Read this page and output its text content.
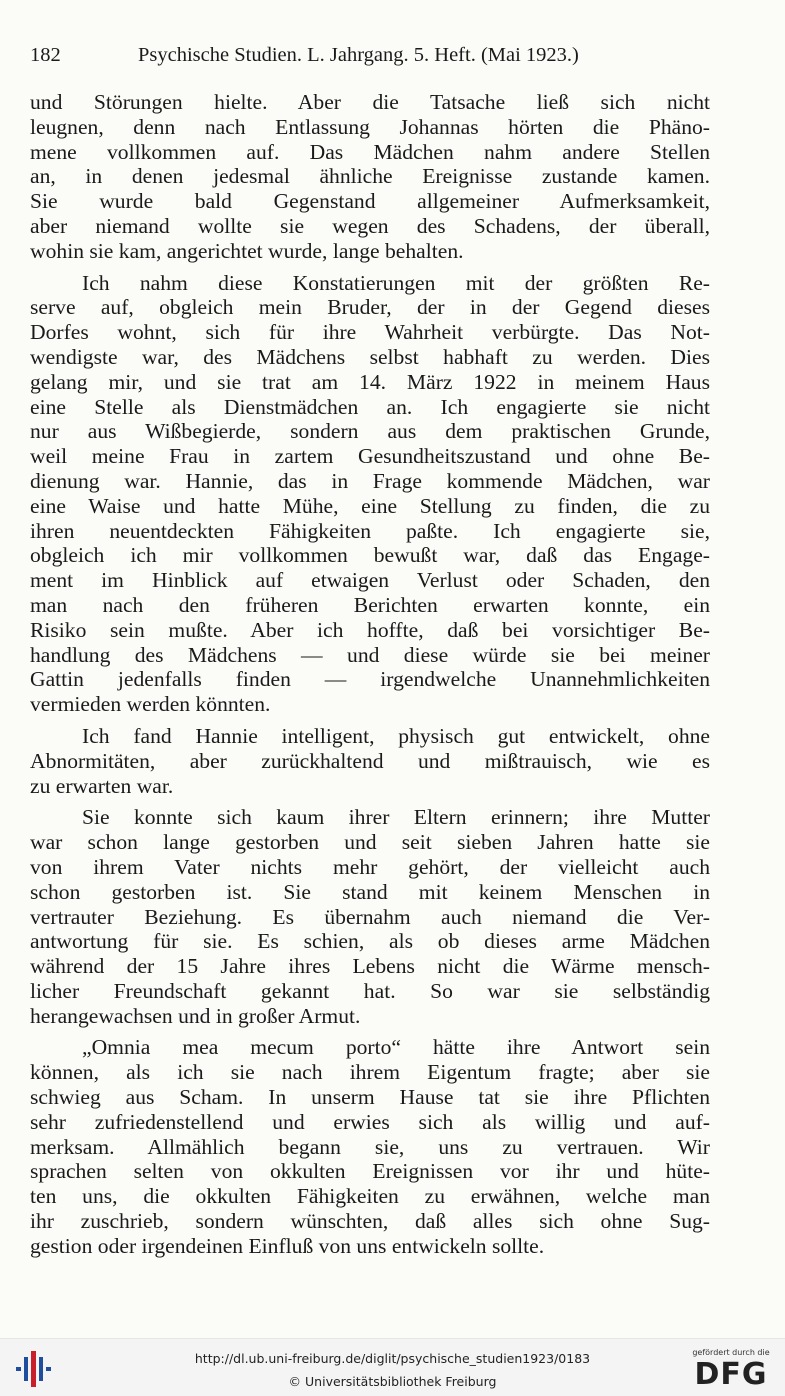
182	Psychische Studien. L. Jahrgang. 5. Heft. (Mai 1923.)
und Störungen hielte. Aber die Tatsache ließ sich nicht
leugnen, denn nach Entlassung Johannas hörten die Phäno-
mene vollkommen auf. Das Mädchen nahm andere Stellen
an, in denen jedesmal ähnliche Ereignisse zustande kamen.
Sie wurde bald Gegenstand allgemeiner Aufmerksamkeit,
aber niemand wollte sie wegen des Schadens, der überall,
wohin sie kam, angerichtet wurde, lange behalten.
Ich nahm diese Konstatierungen mit der größten Re-
serve auf, obgleich mein Bruder, der in der Gegend dieses
Dorfes wohnt, sich für ihre Wahrheit verbürgte. Das Not-
wendigste war, des Mädchens selbst habhaft zu werden. Dies
gelang mir, und sie trat am 14. März 1922 in meinem Haus
eine Stelle als Dienstmädchen an. Ich engagierte sie nicht
nur aus Wißbegierde, sondern aus dem praktischen Grunde,
weil meine Frau in zartem Gesundheitszustand und ohne Be-
dienung war. Hannie, das in Frage kommende Mädchen, war
eine Waise und hatte Mühe, eine Stellung zu finden, die zu
ihren neuentdeckten Fähigkeiten paßte. Ich engagierte sie,
obgleich ich mir vollkommen bewußt war, daß das Engage-
ment im Hinblick auf etwaigen Verlust oder Schaden, den
man nach den früheren Berichten erwarten konnte, ein
Risiko sein mußte. Aber ich hoffte, daß bei vorsichtiger Be-
handlung des Mädchens — und diese würde sie bei meiner
Gattin jedenfalls finden — irgendwelche Unannehmlichkeiten
vermieden werden könnten.
Ich fand Hannie intelligent, physisch gut entwickelt, ohne
Abnormitäten, aber zurückhaltend und mißtrauisch, wie es
zu erwarten war.
Sie konnte sich kaum ihrer Eltern erinnern; ihre Mutter
war schon lange gestorben und seit sieben Jahren hatte sie
von ihrem Vater nichts mehr gehört, der vielleicht auch
schon gestorben ist. Sie stand mit keinem Menschen in
vertrauter Beziehung. Es übernahm auch niemand die Ver-
antwortung für sie. Es schien, als ob dieses arme Mädchen
während der 15 Jahre ihres Lebens nicht die Wärme mensch-
licher Freundschaft gekannt hat. So war sie selbständig
herangewachsen und in großer Armut.
„Omnia mea mecum porto“ hätte ihre Antwort sein
können, als ich sie nach ihrem Eigentum fragte; aber sie
schwieg aus Scham. In unserm Hause tat sie ihre Pflichten
sehr zufriedenstellend und erwies sich als willig und auf-
merksam. Allmählich begann sie, uns zu vertrauen. Wir
sprachen selten von okkulten Ereignissen vor ihr und hüte-
ten uns, die okkulten Fähigkeiten zu erwähnen, welche man
ihr zuschrieb, sondern wünschten, daß alles sich ohne Sug-
gestion oder irgendeinen Einfluß von uns entwickeln sollte.
http://dl.ub.uni-freiburg.de/diglit/psychische_studien1923/0183
© Universitätsbibliothek Freiburg
gefördert durch die
DFG
